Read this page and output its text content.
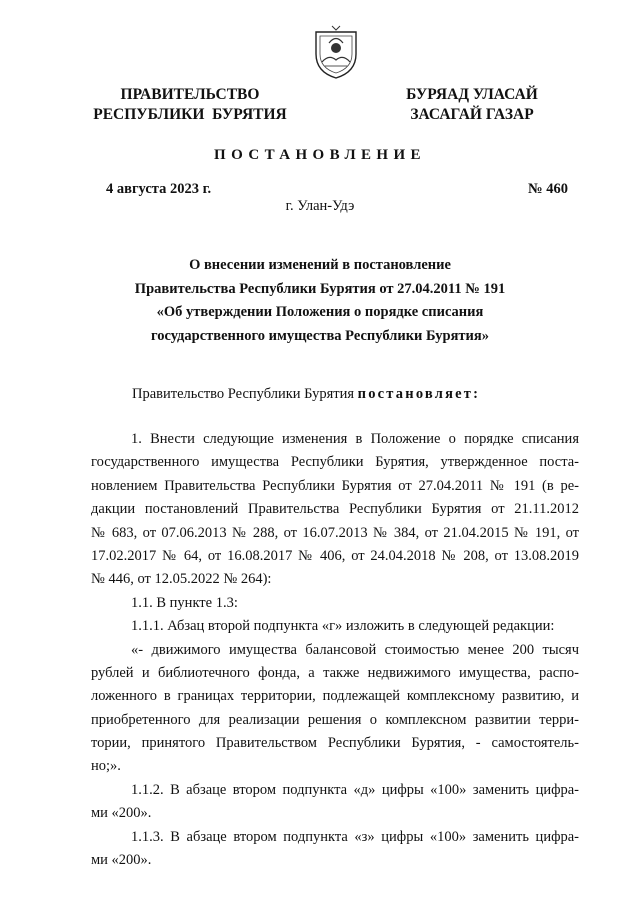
ПРАВИТЕЛЬСТВО
РЕСПУБЛИКИ  БУРЯТИЯ
БУРЯАД УЛАСАЙ
ЗАСАГАЙ ГАЗАР
ПОСТАНОВЛЕНИЕ
4 августа 2023 г.	№ 460
г. Улан-Удэ
О внесении изменений в постановление
Правительства Республики Бурятия от 27.04.2011 № 191
«Об утверждении Положения о порядке списания
государственного имущества Республики Бурятия»
Правительство Республики Бурятия постановляет:
1. Внести следующие изменения в Положение о порядке списания
государственного имущества Республики Бурятия, утвержденное поста-
новлением Правительства Республики Бурятия от 27.04.2011 № 191 (в ре-
дакции постановлений Правительства Республики Бурятия от 21.11.2012
№ 683, от 07.06.2013 № 288, от 16.07.2013 № 384, от 21.04.2015 № 191, от
17.02.2017 № 64, от 16.08.2017 № 406, от 24.04.2018 № 208, от 13.08.2019
№ 446, от 12.05.2022 № 264):
1.1. В пункте 1.3:
1.1.1. Абзац второй подпункта «г» изложить в следующей редакции:
«- движимого имущества балансовой стоимостью менее 200 тысяч
рублей и библиотечного фонда, а также недвижимого имущества, распо-
ложенного в границах территории, подлежащей комплексному развитию, и
приобретенного для реализации решения о комплексном развитии терри-
тории, принятого Правительством Республики Бурятия, - самостоятель-
но;».
1.1.2. В абзаце втором подпункта «д» цифры «100» заменить цифра-
ми «200».
1.1.3. В абзаце втором подпункта «з» цифры «100» заменить цифра-
ми «200».
